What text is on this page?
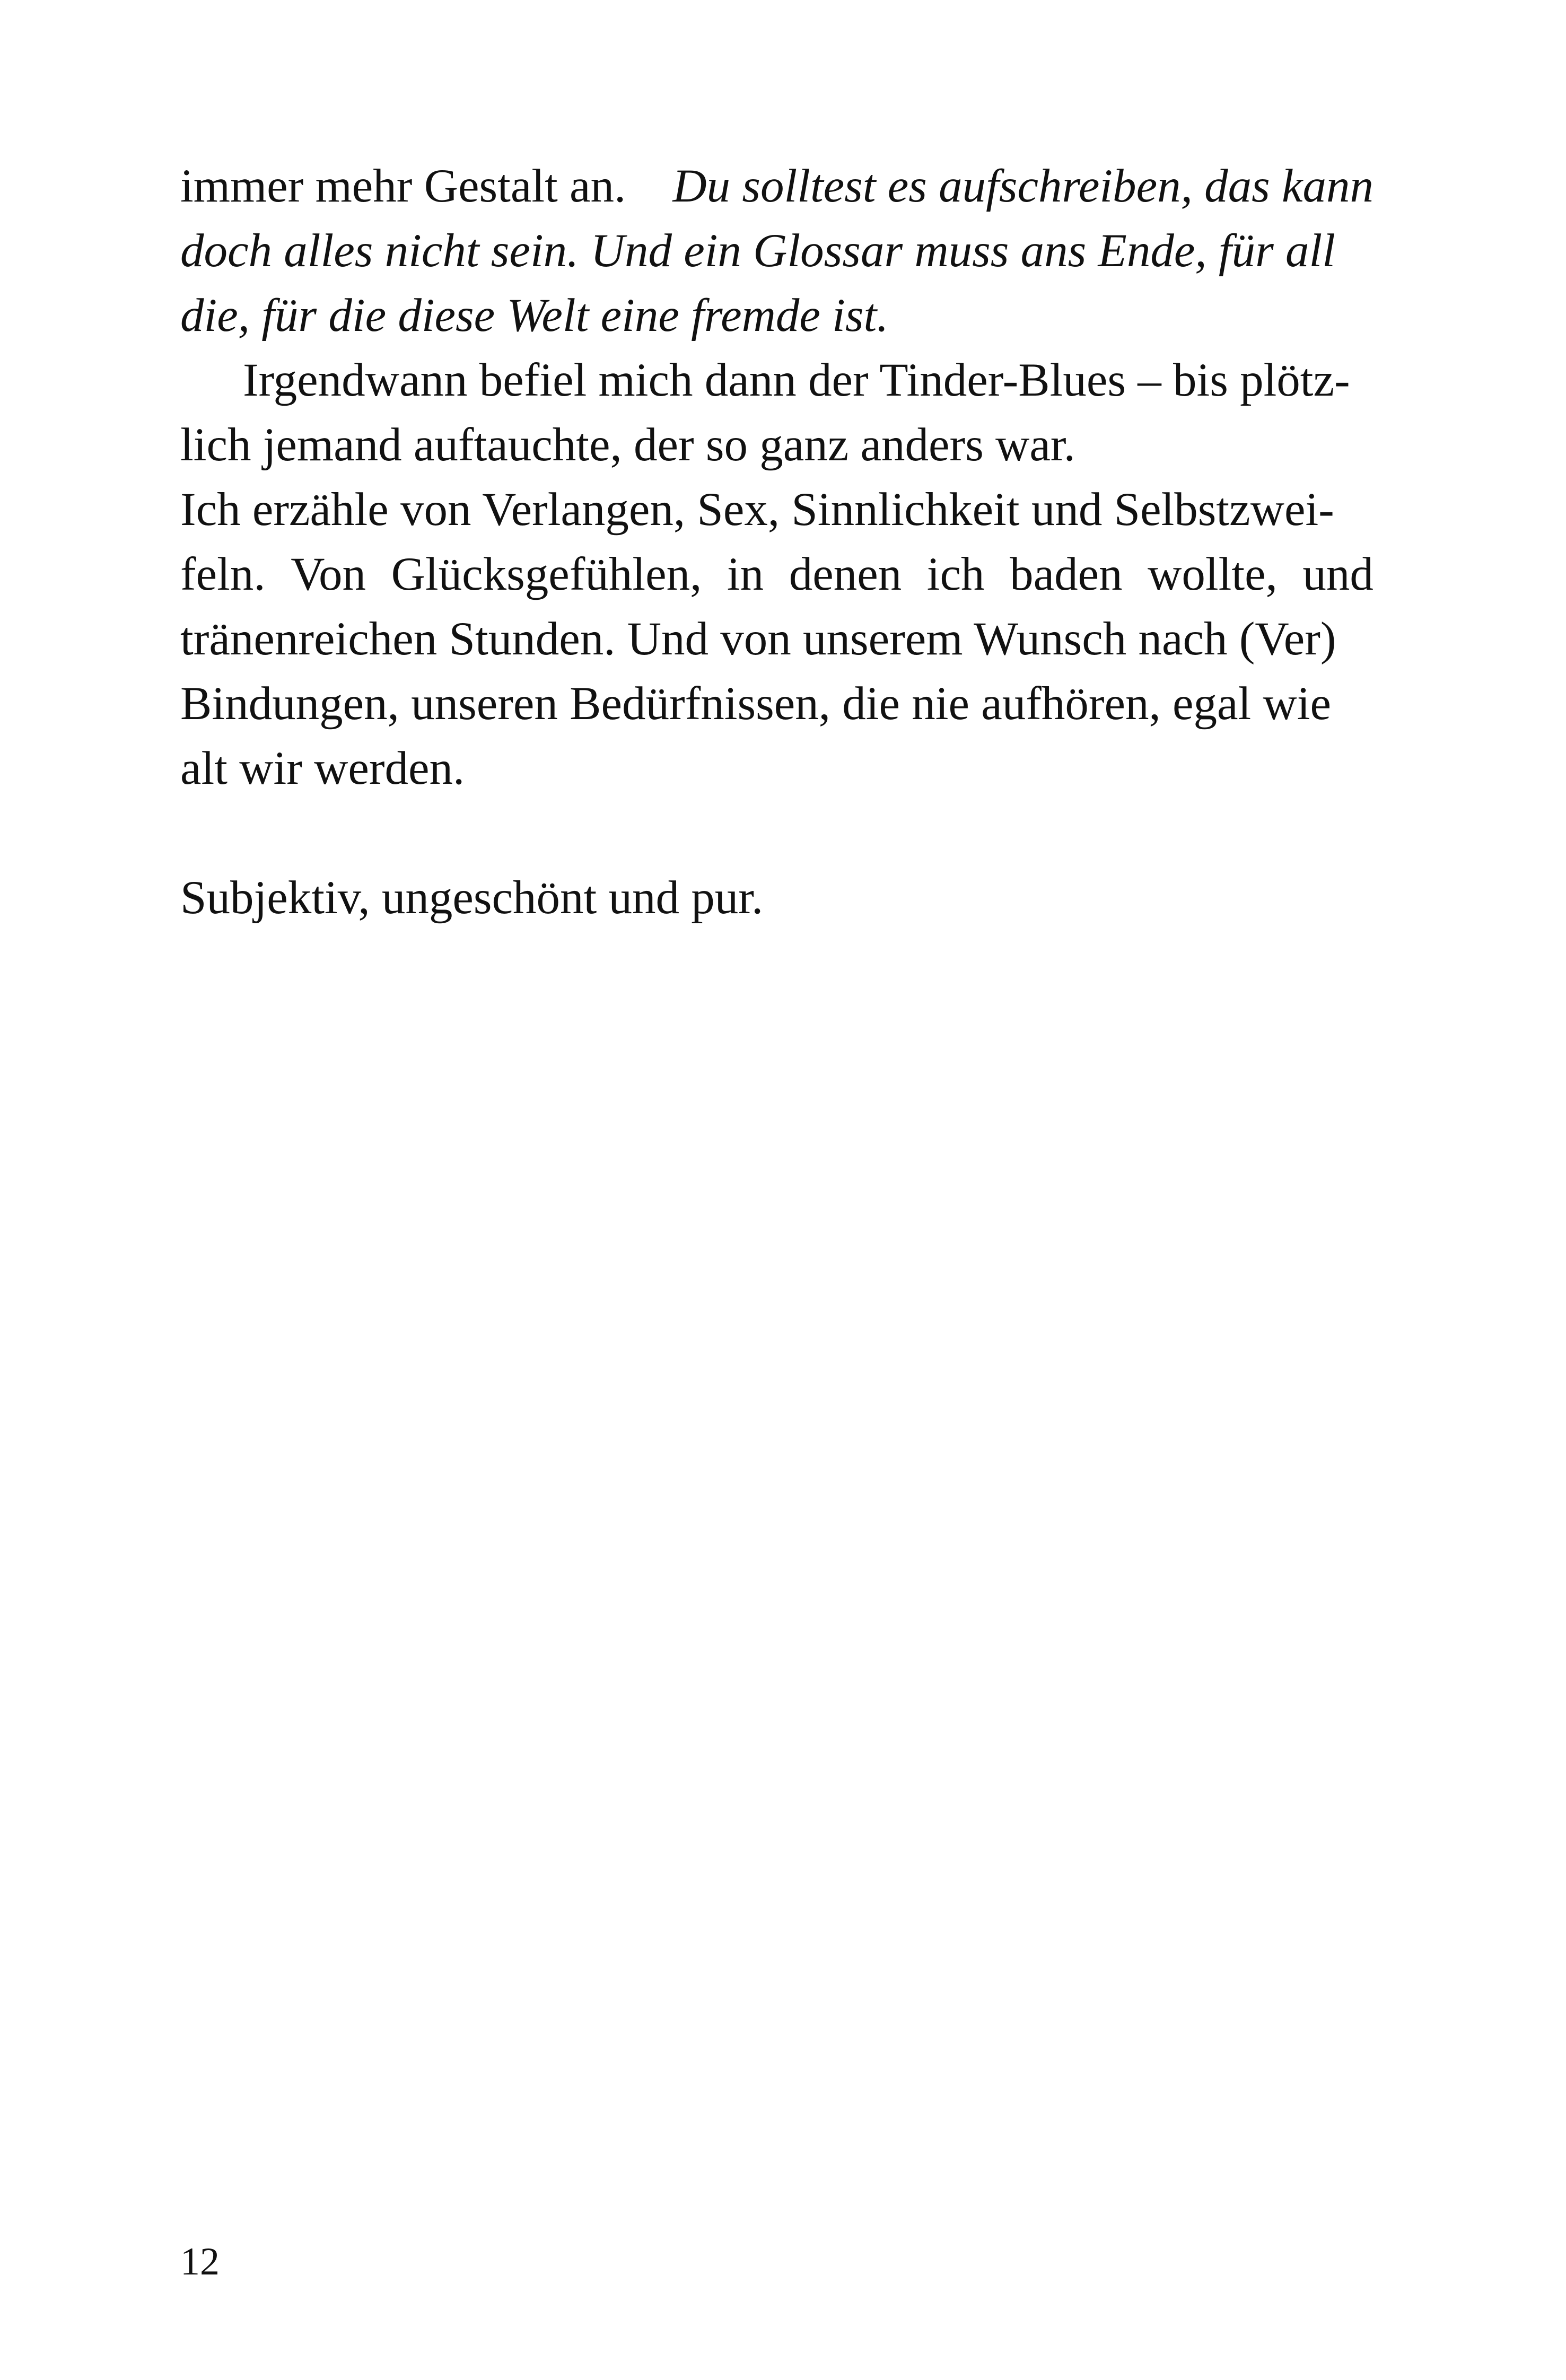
immer mehr Gestalt an. Du solltest es aufschreiben, das kann
doch alles nicht sein. Und ein Glossar muss ans Ende, für all
die, für die diese Welt eine fremde ist.
Irgendwann befiel mich dann der Tinder-Blues – bis plötz-
lich jemand auftauchte, der so ganz anders war.
Ich erzähle von Verlangen, Sex, Sinnlichkeit und Selbstzwei-
feln. Von Glücksgefühlen, in denen ich baden wollte, und
tränenreichen Stunden. Und von unserem Wunsch nach (Ver)
Bindungen, unseren Bedürfnissen, die nie aufhören, egal wie
alt wir werden.
Subjektiv, ungeschönt und pur.
12
